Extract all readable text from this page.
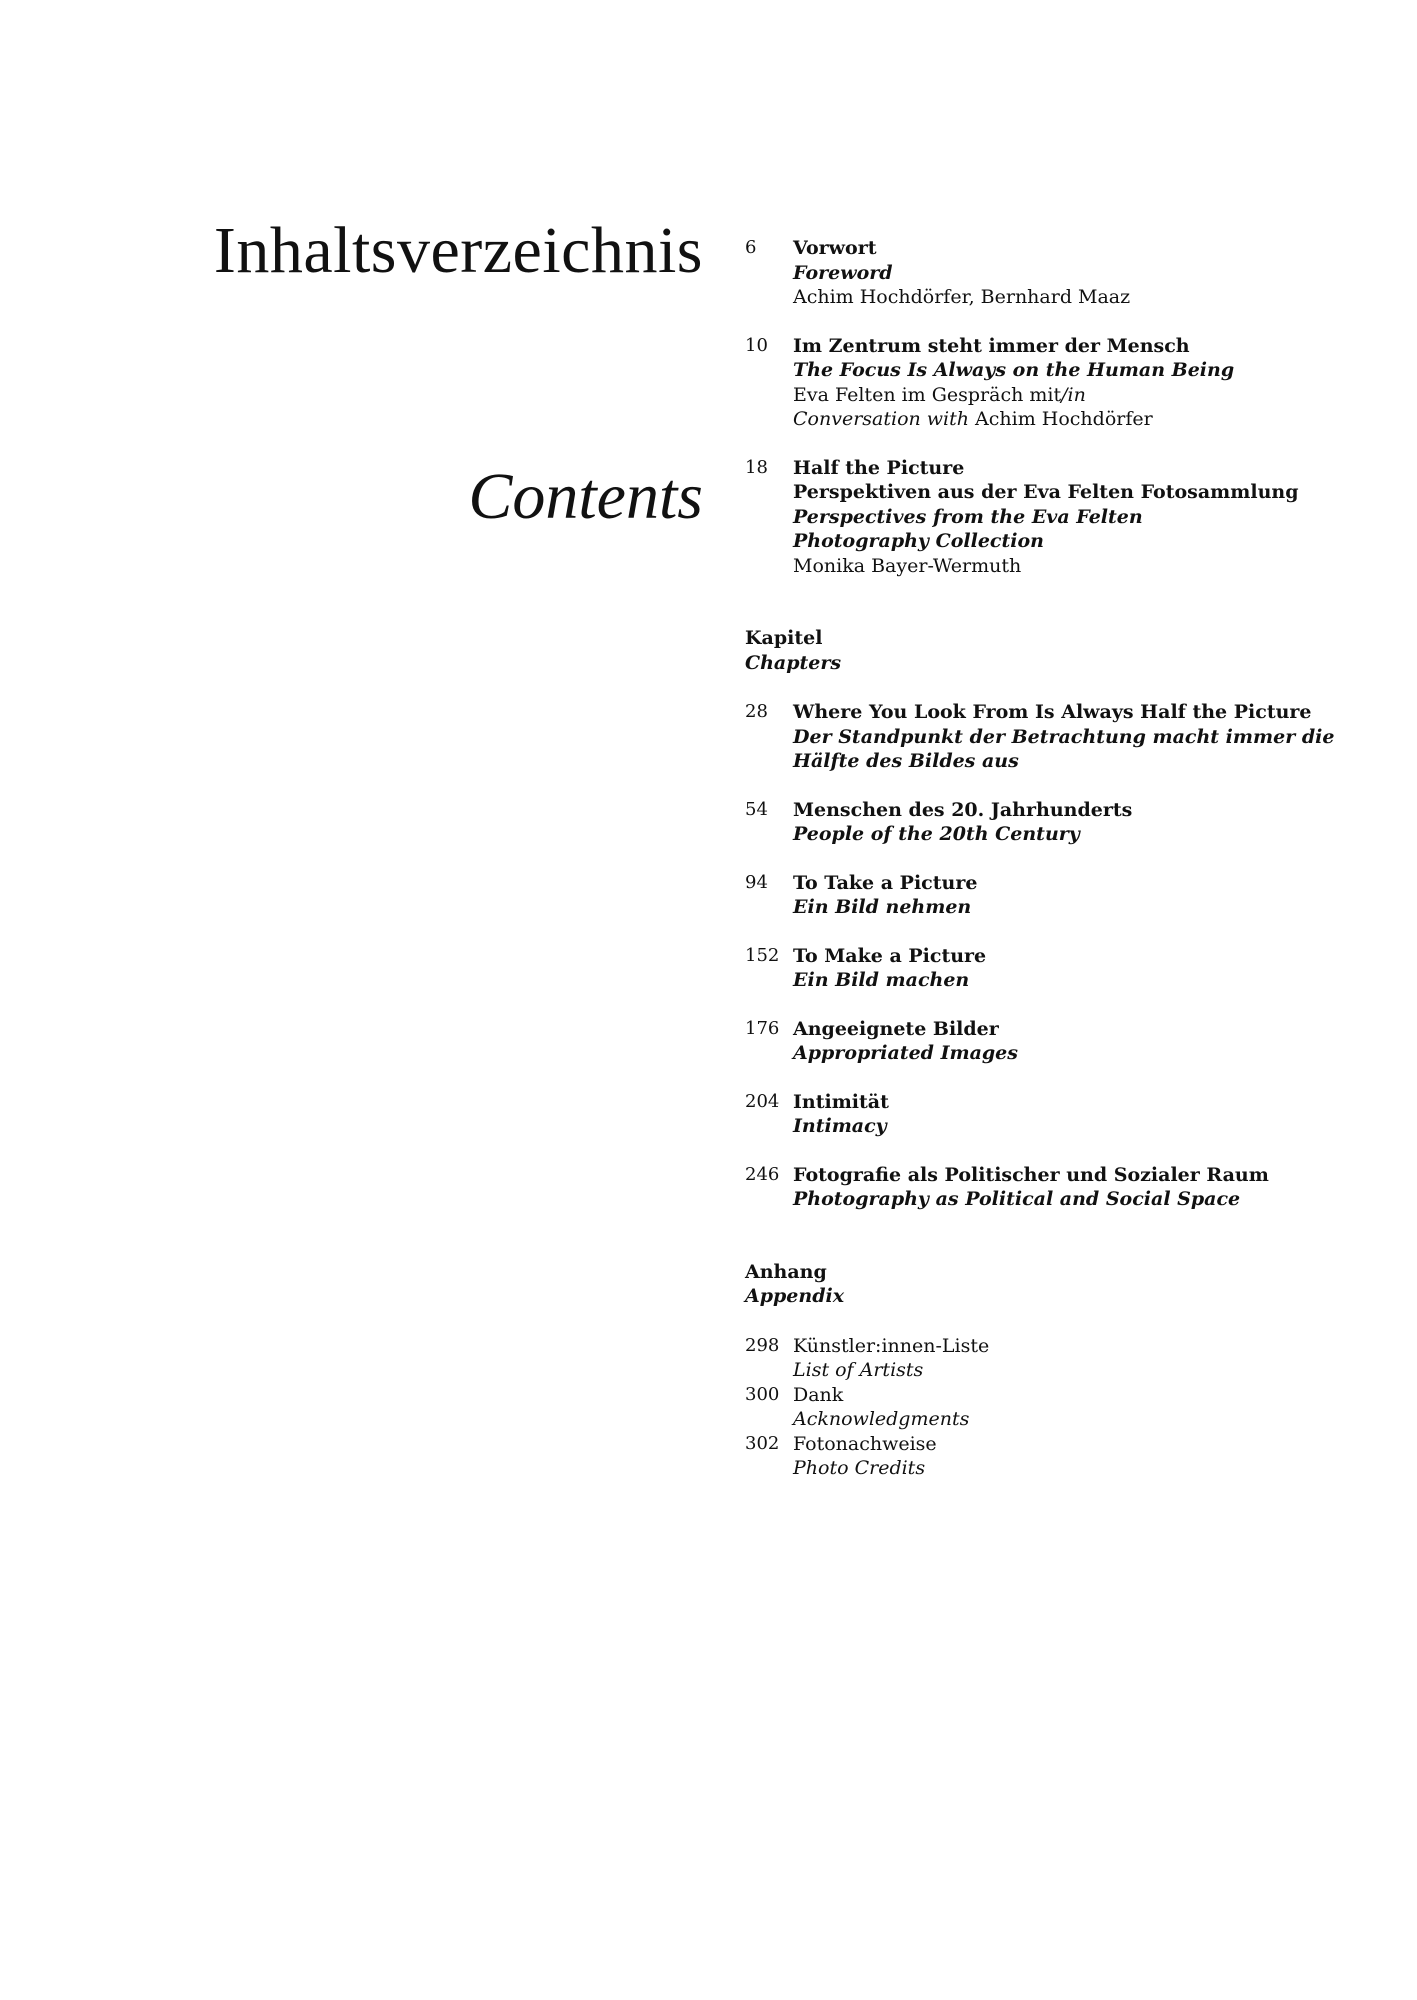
Inhaltsverzeichnis
Contents
6	Vorwort
Foreword
Achim Hochdörfer, Bernhard Maaz
10	Im Zentrum steht immer der Mensch
The Focus Is Always on the Human Being
Eva Felten im Gespräch mit/in
Conversation with Achim Hochdörfer
18	Half the Picture
Perspektiven aus der Eva Felten Fotosammlung
Perspectives from the Eva Felten
Photography Collection
Monika Bayer-Wermuth
Kapitel
Chapters
28	Where You Look From Is Always Half the Picture
Der Standpunkt der Betrachtung macht immer die
Hälfte des Bildes aus
54	Menschen des 20. Jahrhunderts
People of the 20th Century
94	To Take a Picture
Ein Bild nehmen
152 To Make a Picture
Ein Bild machen
176 Angeeignete Bilder
Appropriated Images
204 Intimität
Intimacy
246 Fotografie als Politischer und Sozialer Raum
Photography as Political and Social Space
Anhang
Appendix
298 Künstler:innen-Liste
List of Artists
300 Dank
Acknowledgments
302 Fotonachweise
Photo Credits
